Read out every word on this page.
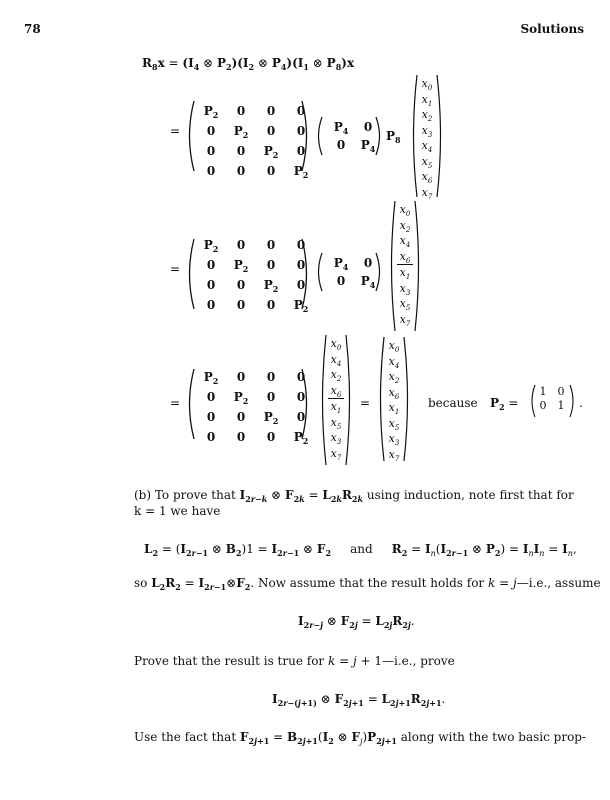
78	Solutions
$R_8x = (I_4$ ⊗ $P_2)(I_2$ ⊗ $P_4)(I_1$ ⊗ $P_8)x$
=
$P_2$	0	0	0
0	$P_2$	0	0
0	0	$P_2$	0
0	0	0	$P_2$
$P_4$	0
0	$P_4$
$P_8$
$x_0$
$x_1$
$x_2$
$x_3$
$x_4$
$x_5$
$x_6$
$x_7$
=
$P_2$	0	0	0
0	$P_2$	0	0
0	0	$P_2$	0
0	0	0	$P_2$
$P_4$	0
0	$P_4$
$x_0$
$x_2$
$x_4$
$x_6$
$x_1$
$x_3$
$x_5$
$x_7$
=
$P_2$	0	0	0
0	$P_2$	0	0
0	0	$P_2$	0
0	0	0	$P_2$
$x_0$
$x_4$
$x_2$
$x_6$
$x_1$
$x_5$
$x_3$
$x_7$
=
$x_0$
$x_4$
$x_2$
$x_6$
$x_1$
$x_5$
$x_3$
$x_7$
because $P_2$ =
1	0
0	1	.
(b) To prove that $I_{2r-k}$ ⊗ $F_{2k} = L_{2k}R_{2k}$ using induction, note first that for
k = 1 we have
$L_2 = (I_{2r-1}$ ⊗ $B_2)1 = I_{2r-1}$ ⊗ $F_2$ and $R_2 = I_n(I_{2r-1}$ ⊗ $P_2) = I_nI_n = I_n$,
so $L_2R_2$ = $I_{2r-1}\otimes F_2$. Now assume that the result holds for k = j—i.e., assume
$I_{2r-j}$ ⊗ $F_{2j} = L_{2j}R_{2j}$.
Prove that the result is true for k = j + 1—i.e., prove
$I_{2r-(j+1)}$ ⊗ $F_{2j+1} = L_{2j+1}R_{2j+1}$.
Use the fact that $F_{2j+1} = B_{2j+1}(I_2$ ⊗ $F_j)P_{2j+1}$ along with the two basic prop-
